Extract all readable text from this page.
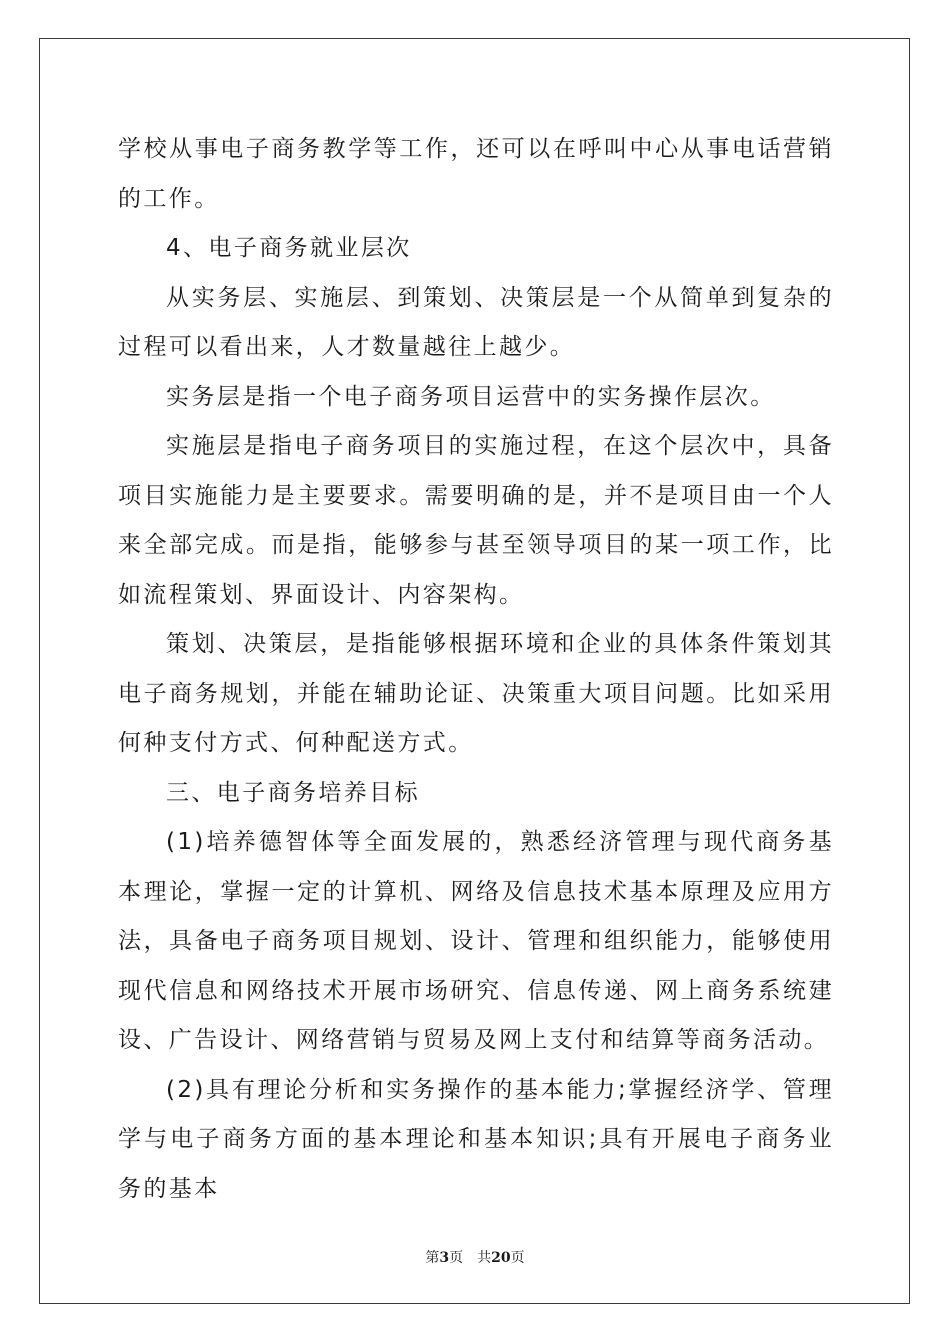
学校从事电子商务教学等工作，还可以在呼叫中心从事电话营销的工作。

4、电子商务就业层次

从实务层、实施层、到策划、决策层是一个从简单到复杂的过程可以看出来，人才数量越往上越少。

实务层是指一个电子商务项目运营中的实务操作层次。

实施层是指电子商务项目的实施过程，在这个层次中，具备项目实施能力是主要要求。需要明确的是，并不是项目由一个人来全部完成。而是指，能够参与甚至领导项目的某一项工作，比如流程策划、界面设计、内容架构。

策划、决策层，是指能够根据环境和企业的具体条件策划其电子商务规划，并能在辅助论证、决策重大项目问题。比如采用何种支付方式、何种配送方式。

三、电子商务培养目标

(1)培养德智体等全面发展的，熟悉经济管理与现代商务基本理论，掌握一定的计算机、网络及信息技术基本原理及应用方法，具备电子商务项目规划、设计、管理和组织能力，能够使用现代信息和网络技术开展市场研究、信息传递、网上商务系统建设、广告设计、网络营销与贸易及网上支付和结算等商务活动。

(2)具有理论分析和实务操作的基本能力;掌握经济学、管理学与电子商务方面的基本理论和基本知识;具有开展电子商务业务的基本

第3页 共20页
